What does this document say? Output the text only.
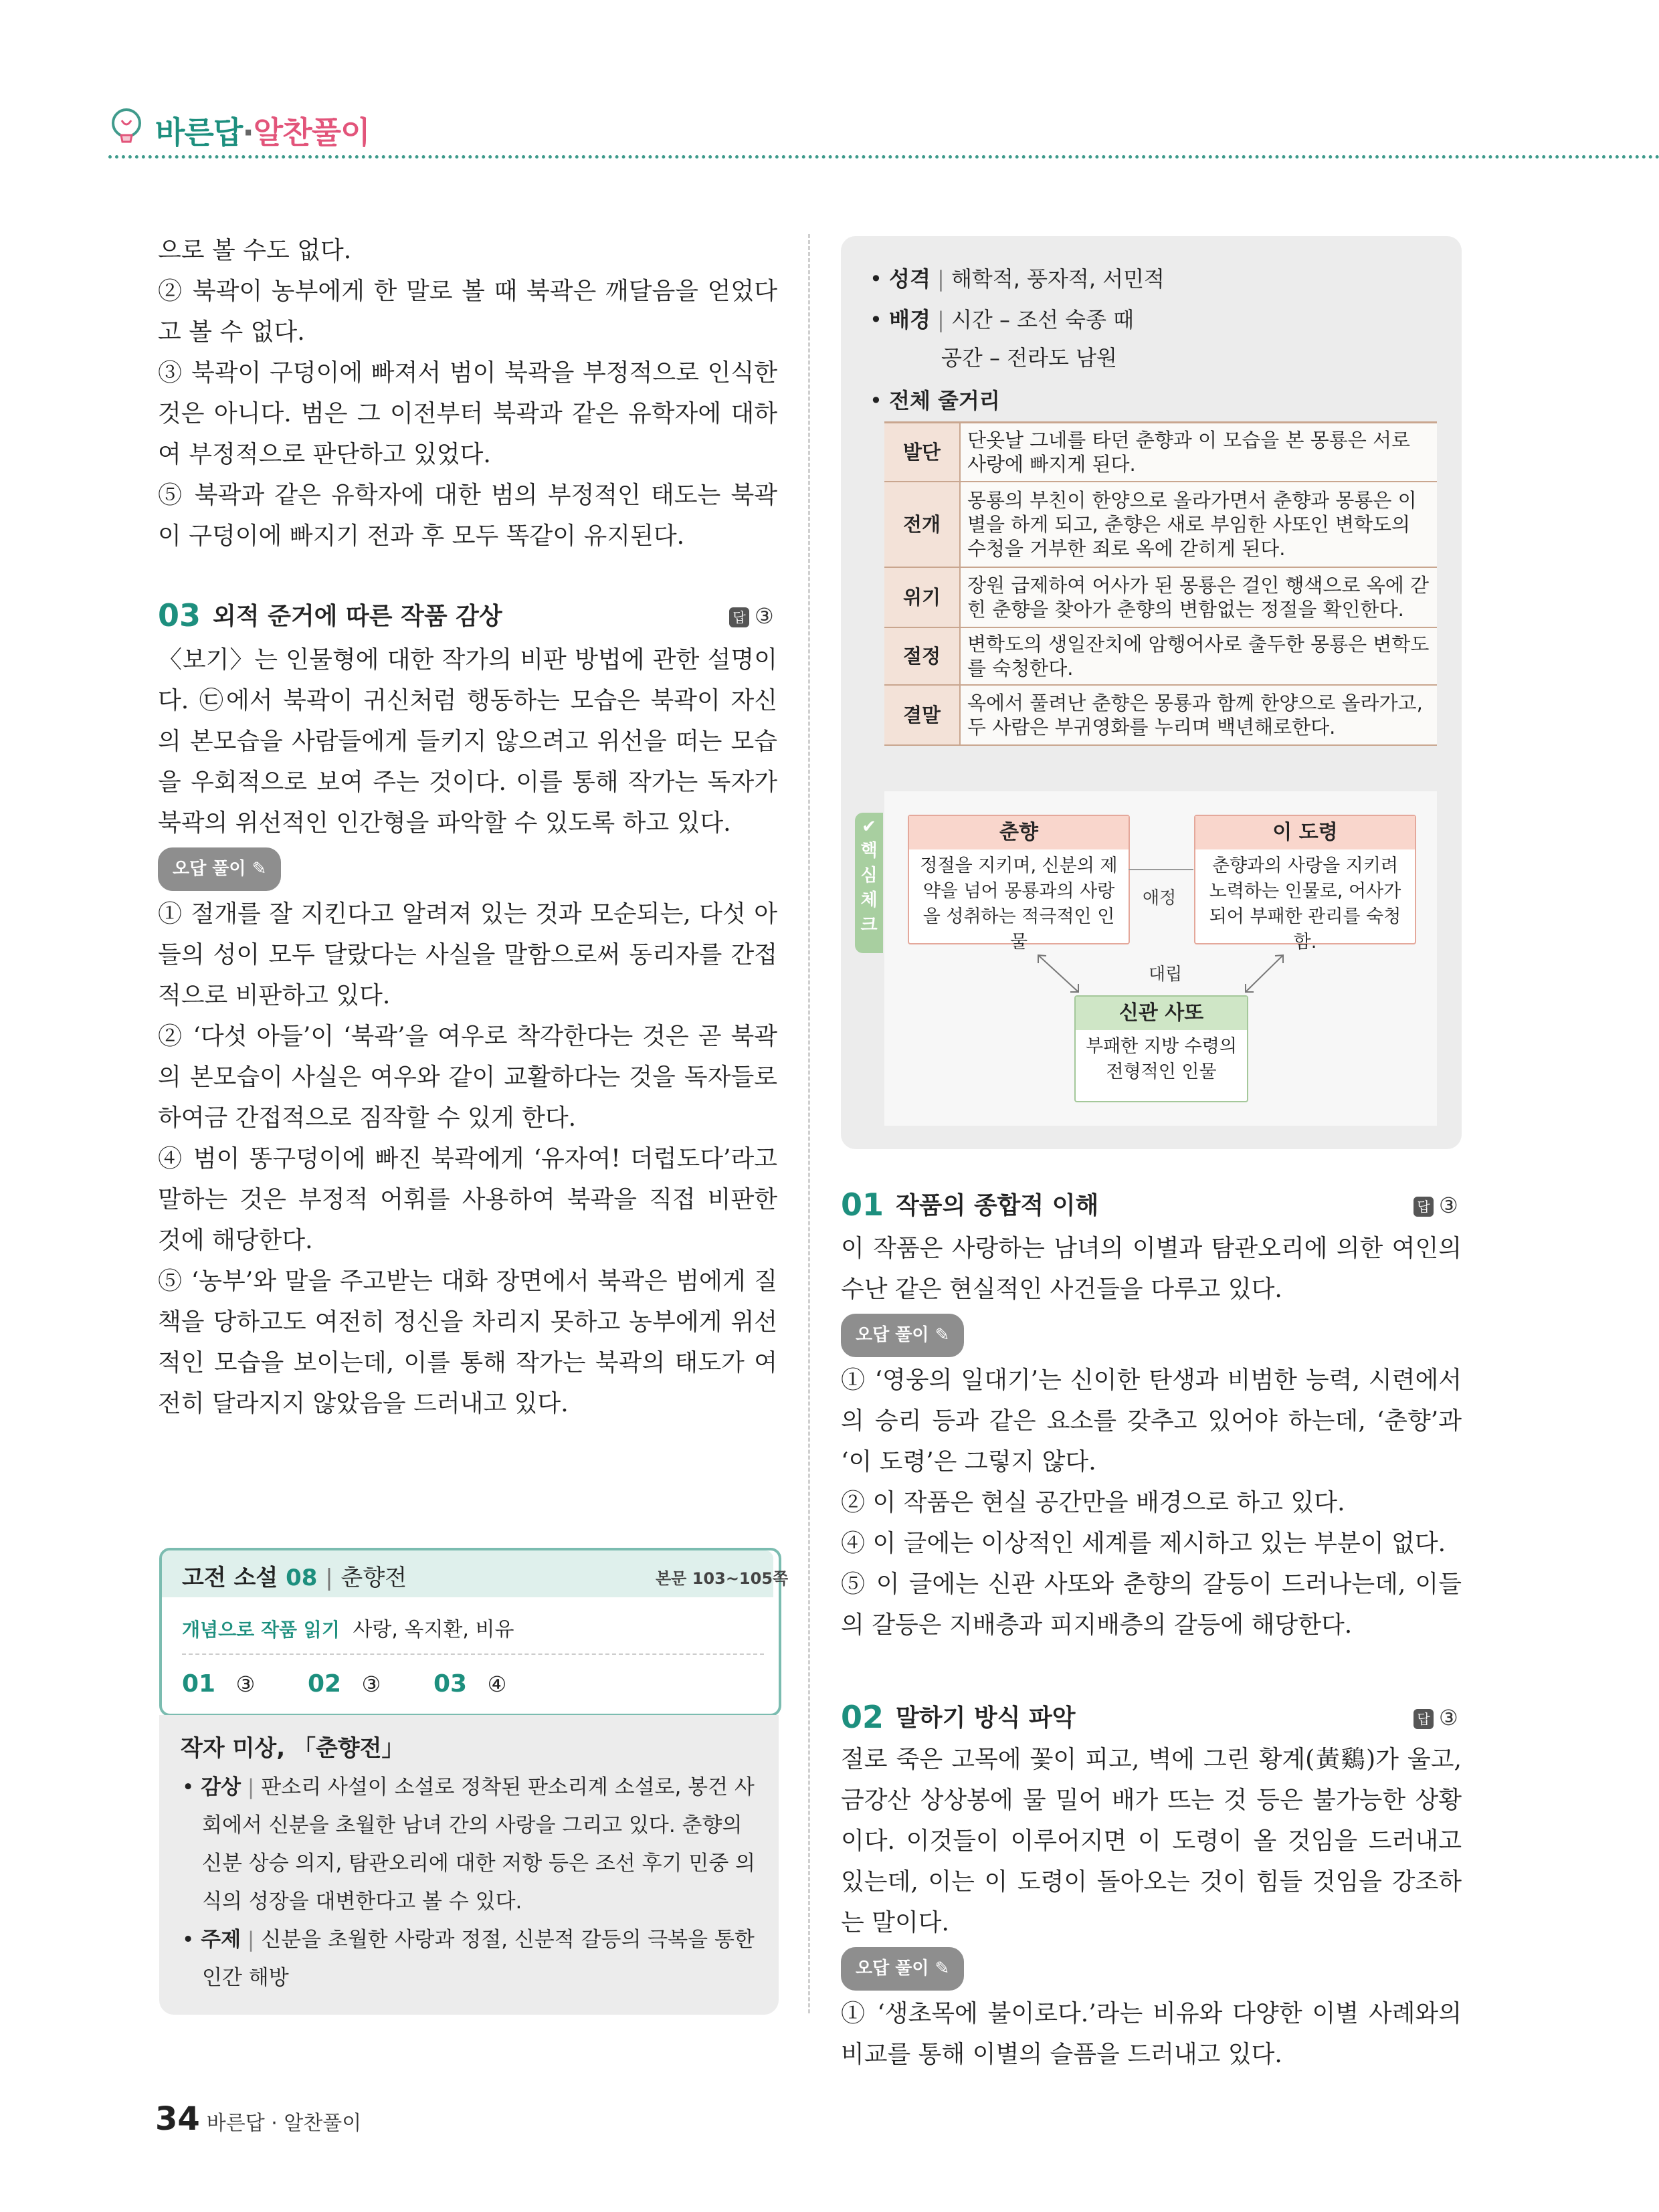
바른답·알찬풀이

으로 볼 수도 없다.

② 북곽이 농부에게 한 말로 볼 때 북곽은 깨달음을 얻었다고 볼 수 없다.

③ 북곽이 구덩이에 빠져서 범이 북곽을 부정적으로 인식한 것은 아니다. 범은 그 이전부터 북곽과 같은 유학자에 대하여 부정적으로 판단하고 있었다.

⑤ 북곽과 같은 유학자에 대한 범의 부정적인 태도는 북곽이 구덩이에 빠지기 전과 후 모두 똑같이 유지된다.

03 외적 준거에 따른 작품 감상	답 ③

〈보기〉는 인물형에 대한 작가의 비판 방법에 관한 설명이다. ㉢에서 북곽이 귀신처럼 행동하는 모습은 북곽이 자신의 본모습을 사람들에게 들키지 않으려고 위선을 떠는 모습을 우회적으로 보여 주는 것이다. 이를 통해 작가는 독자가 북곽의 위선적인 인간형을 파악할 수 있도록 하고 있다.

오답 풀이 ✎

① 절개를 잘 지킨다고 알려져 있는 것과 모순되는, 다섯 아들의 성이 모두 달랐다는 사실을 말함으로써 동리자를 간접적으로 비판하고 있다.

② ‘다섯 아들’이 ‘북곽’을 여우로 착각한다는 것은 곧 북곽의 본모습이 사실은 여우와 같이 교활하다는 것을 독자들로 하여금 간접적으로 짐작할 수 있게 한다.

④ 범이 똥구덩이에 빠진 북곽에게 ‘유자여! 더럽도다’라고 말하는 것은 부정적 어휘를 사용하여 북곽을 직접 비판한 것에 해당한다.

⑤ ‘농부’와 말을 주고받는 대화 장면에서 북곽은 범에게 질책을 당하고도 여전히 정신을 차리지 못하고 농부에게 위선적인 모습을 보이는데, 이를 통해 작가는 북곽의 태도가 여전히 달라지지 않았음을 드러내고 있다.

고전 소설 08 | 춘향전	본문 103~105쪽
개념으로 작품 읽기 사랑, 옥지환, 비유
01 ③ 02 ③ 03 ④
작자 미상, 「춘향전」
• 감상 | 판소리 사설이 소설로 정착된 판소리계 소설로, 봉건 사회에서 신분을 초월한 남녀 간의 사랑을 그리고 있다. 춘향의 신분 상승 의지, 탐관오리에 대한 저항 등은 조선 후기 민중 의식의 성장을 대변한다고 볼 수 있다.
• 주제 | 신분을 초월한 사랑과 정절, 신분적 갈등의 극복을 통한 인간 해방
• 성격 | 해학적, 풍자적, 서민적
• 배경 | 시간 – 조선 숙종 때
공간 – 전라도 남원
• 전체 줄거리
발단	단옷날 그네를 타던 춘향과 이 모습을 본 몽룡은 서로 사랑에 빠지게 된다.
전개	몽룡의 부친이 한양으로 올라가면서 춘향과 몽룡은 이별을 하게 되고, 춘향은 새로 부임한 사또인 변학도의 수청을 거부한 죄로 옥에 갇히게 된다.
위기	장원 급제하여 어사가 된 몽룡은 걸인 행색으로 옥에 갇힌 춘향을 찾아가 춘향의 변함없는 정절을 확인한다.
절정	변학도의 생일잔치에 암행어사로 출두한 몽룡은 변학도를 숙청한다.
결말	옥에서 풀려난 춘향은 몽룡과 함께 한양으로 올라가고, 두 사람은 부귀영화를 누리며 백년해로한다.
✔
핵
심
체
크
춘향
정절을 지키며, 신분의 제약을 넘어 몽룡과의 사랑을 성취하는 적극적인 인물
이 도령
춘향과의 사랑을 지키려 노력하는 인물로, 어사가 되어 부패한 관리를 숙청함.
신관 사또
부패한 지방 수령의 전형적인 인물
애정
대립
01 작품의 종합적 이해	답 ③

이 작품은 사랑하는 남녀의 이별과 탐관오리에 의한 여인의 수난 같은 현실적인 사건들을 다루고 있다.

오답 풀이 ✎

① ‘영웅의 일대기’는 신이한 탄생과 비범한 능력, 시련에서의 승리 등과 같은 요소를 갖추고 있어야 하는데, ‘춘향’과 ‘이 도령’은 그렇지 않다.

② 이 작품은 현실 공간만을 배경으로 하고 있다.

④ 이 글에는 이상적인 세계를 제시하고 있는 부분이 없다.

⑤ 이 글에는 신관 사또와 춘향의 갈등이 드러나는데, 이들의 갈등은 지배층과 피지배층의 갈등에 해당한다.

02 말하기 방식 파악	답 ③

절로 죽은 고목에 꽃이 피고, 벽에 그린 황계(黃鷄)가 울고, 금강산 상상봉에 물 밀어 배가 뜨는 것 등은 불가능한 상황이다. 이것들이 이루어지면 이 도령이 올 것임을 드러내고 있는데, 이는 이 도령이 돌아오는 것이 힘들 것임을 강조하는 말이다.

오답 풀이 ✎

① ‘생초목에 불이로다.’라는 비유와 다양한 이별 사례와의 비교를 통해 이별의 슬픔을 드러내고 있다.

34 바른답 · 알찬풀이
